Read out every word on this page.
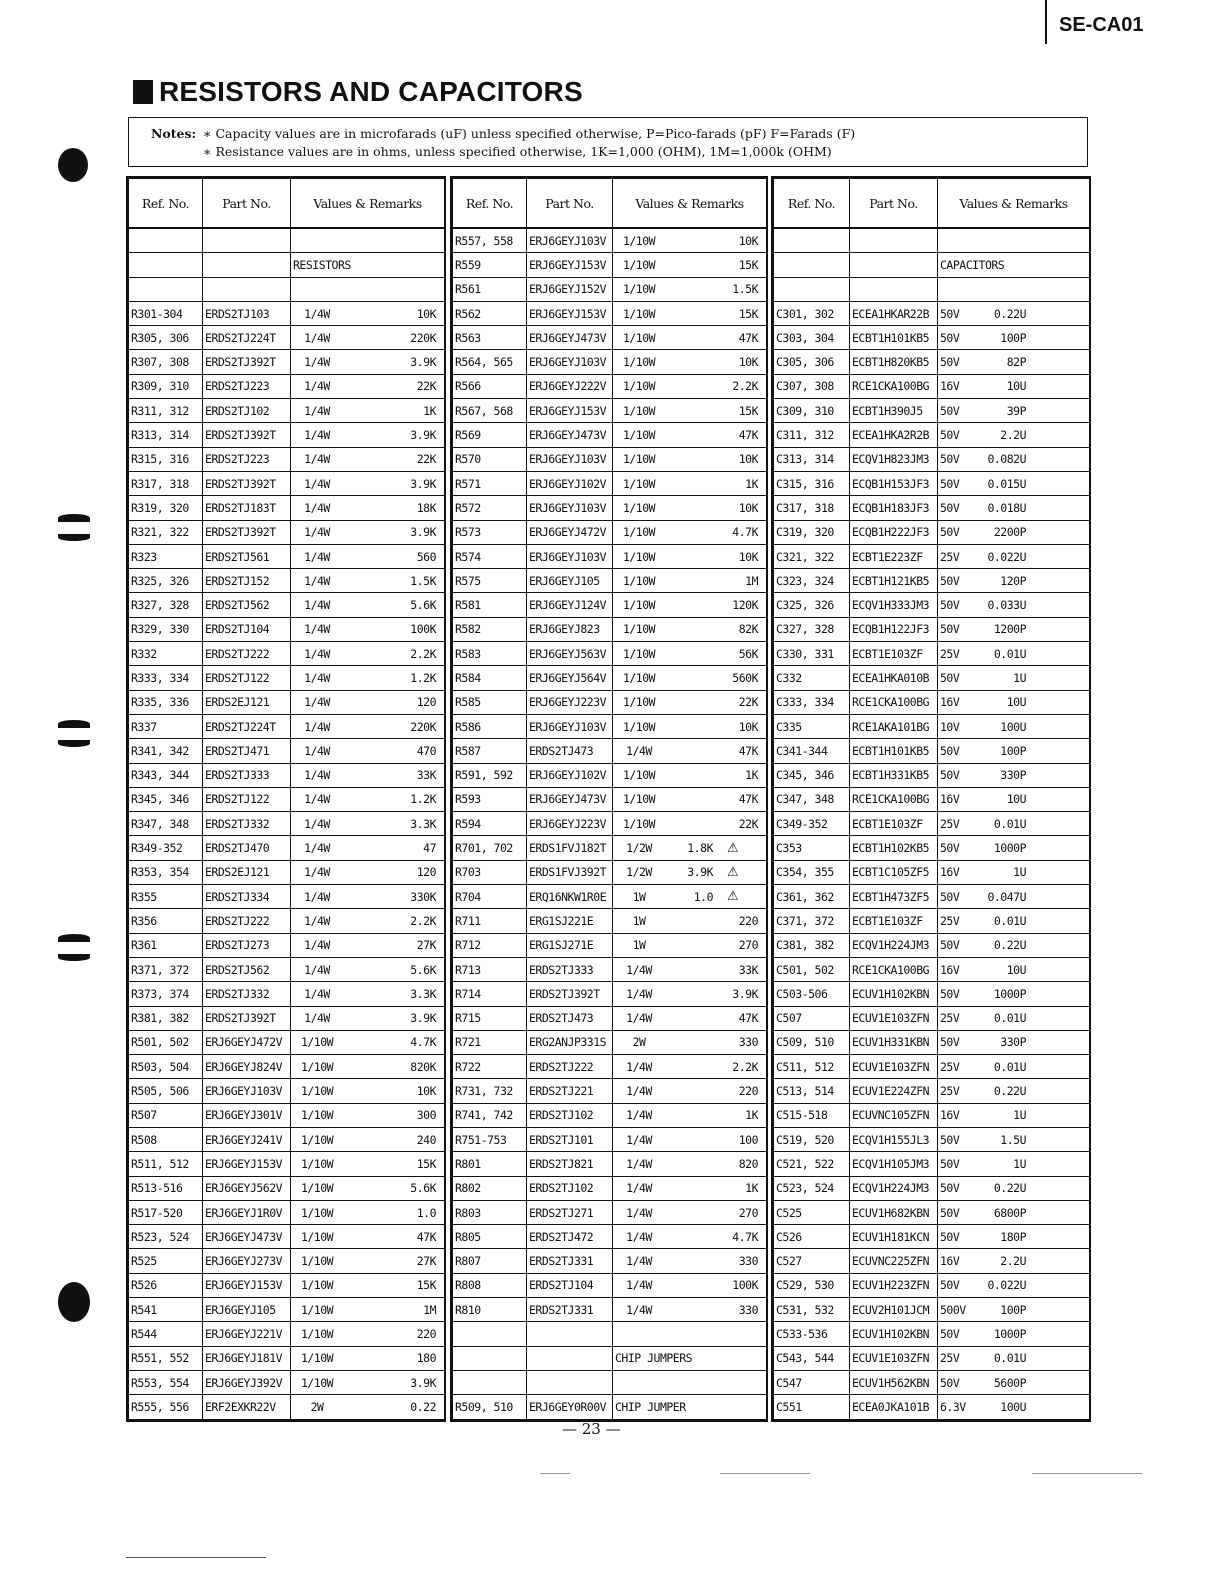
SE-CA01
RESISTORS AND CAPACITORS
Notes: ∗ Capacity values are in microfarads (uF) unless specified otherwise, P=Pico-farads (pF) F=Farads (F)
∗ Resistance values are in ohms, unless specified otherwise, 1K=1,000 (OHM), 1M=1,000k (OHM)
Ref. No.	Part No.	Values & Remarks

		RESISTORS

R301-304	ERDS2TJ103	1/4W 10K

R305, 306	ERDS2TJ224T	1/4W 220K

R307, 308	ERDS2TJ392T	1/4W 3.9K

R309, 310	ERDS2TJ223	1/4W 22K

R311, 312	ERDS2TJ102	1/4W 1K

R313, 314	ERDS2TJ392T	1/4W 3.9K

R315, 316	ERDS2TJ223	1/4W 22K

R317, 318	ERDS2TJ392T	1/4W 3.9K

R319, 320	ERDS2TJ183T	1/4W 18K

R321, 322	ERDS2TJ392T	1/4W 3.9K

R323	ERDS2TJ561	1/4W 560

R325, 326	ERDS2TJ152	1/4W 1.5K

R327, 328	ERDS2TJ562	1/4W 5.6K

R329, 330	ERDS2TJ104	1/4W 100K

R332	ERDS2TJ222	1/4W 2.2K

R333, 334	ERDS2TJ122	1/4W 1.2K

R335, 336	ERDS2EJ121	1/4W 120

R337	ERDS2TJ224T	1/4W 220K

R341, 342	ERDS2TJ471	1/4W 470

R343, 344	ERDS2TJ333	1/4W 33K

R345, 346	ERDS2TJ122	1/4W 1.2K

R347, 348	ERDS2TJ332	1/4W 3.3K

R349-352	ERDS2TJ470	1/4W 47

R353, 354	ERDS2EJ121	1/4W 120

R355	ERDS2TJ334	1/4W 330K

R356	ERDS2TJ222	1/4W 2.2K

R361	ERDS2TJ273	1/4W 27K

R371, 372	ERDS2TJ562	1/4W 5.6K

R373, 374	ERDS2TJ332	1/4W 3.3K

R381, 382	ERDS2TJ392T	1/4W 3.9K

R501, 502	ERJ6GEYJ472V	1/10W 4.7K

R503, 504	ERJ6GEYJ824V	1/10W 820K

R505, 506	ERJ6GEYJ103V	1/10W 10K

R507	ERJ6GEYJ301V	1/10W 300

R508	ERJ6GEYJ241V	1/10W 240

R511, 512	ERJ6GEYJ153V	1/10W 15K

R513-516	ERJ6GEYJ562V	1/10W 5.6K

R517-520	ERJ6GEYJ1R0V	1/10W 1.0

R523, 524	ERJ6GEYJ473V	1/10W 47K

R525	ERJ6GEYJ273V	1/10W 27K

R526	ERJ6GEYJ153V	1/10W 15K

R541	ERJ6GEYJ105	1/10W 1M

R544	ERJ6GEYJ221V	1/10W 220

R551, 552	ERJ6GEYJ181V	1/10W 180

R553, 554	ERJ6GEYJ392V	1/10W 3.9K

R555, 556	ERF2EXKR22V	2W 0.22
Ref. No.	Part No.	Values & Remarks
R557, 558	ERJ6GEYJ103V	1/10W 10K

R559	ERJ6GEYJ153V	1/10W 15K

R561	ERJ6GEYJ152V	1/10W 1.5K

R562	ERJ6GEYJ153V	1/10W 15K

R563	ERJ6GEYJ473V	1/10W 47K

R564, 565	ERJ6GEYJ103V	1/10W 10K

R566	ERJ6GEYJ222V	1/10W 2.2K

R567, 568	ERJ6GEYJ153V	1/10W 15K

R569	ERJ6GEYJ473V	1/10W 47K

R570	ERJ6GEYJ103V	1/10W 10K

R571	ERJ6GEYJ102V	1/10W 1K

R572	ERJ6GEYJ103V	1/10W 10K

R573	ERJ6GEYJ472V	1/10W 4.7K

R574	ERJ6GEYJ103V	1/10W 10K

R575	ERJ6GEYJ105	1/10W 1M

R581	ERJ6GEYJ124V	1/10W 120K

R582	ERJ6GEYJ823	1/10W 82K

R583	ERJ6GEYJ563V	1/10W 56K

R584	ERJ6GEYJ564V	1/10W 560K

R585	ERJ6GEYJ223V	1/10W 22K

R586	ERJ6GEYJ103V	1/10W 10K

R587	ERDS2TJ473	1/4W 47K

R591, 592	ERJ6GEYJ102V	1/10W 1K

R593	ERJ6GEYJ473V	1/10W 47K

R594	ERJ6GEYJ223V	1/10W 22K

R701, 702	ERDS1FVJ182T	1/2W 1.8K ⚠

R703	ERDS1FVJ392T	1/2W 3.9K ⚠

R704	ERQ16NKW1R0E	1W 1.0 ⚠

R711	ERG1SJ221E	1W 220

R712	ERG1SJ271E	1W 270

R713	ERDS2TJ333	1/4W 33K

R714	ERDS2TJ392T	1/4W 3.9K

R715	ERDS2TJ473	1/4W 47K

R721	ERG2ANJP331S	2W 330

R722	ERDS2TJ222	1/4W 2.2K

R731, 732	ERDS2TJ221	1/4W 220

R741, 742	ERDS2TJ102	1/4W 1K

R751-753	ERDS2TJ101	1/4W 100

R801	ERDS2TJ821	1/4W 820

R802	ERDS2TJ102	1/4W 1K

R803	ERDS2TJ271	1/4W 270

R805	ERDS2TJ472	1/4W 4.7K

R807	ERDS2TJ331	1/4W 330

R808	ERDS2TJ104	1/4W 100K

R810	ERDS2TJ331	1/4W 330

		CHIP JUMPERS

R509, 510	ERJ6GEY0R00V	CHIP JUMPER
Ref. No.	Part No.	Values & Remarks

		CAPACITORS

C301, 302	ECEA1HKAR22B	50V 0.22U

C303, 304	ECBT1H101KB5	50V 100P

C305, 306	ECBT1H820KB5	50V 82P

C307, 308	RCE1CKA100BG	16V 10U

C309, 310	ECBT1H390J5	50V 39P

C311, 312	ECEA1HKA2R2B	50V 2.2U

C313, 314	ECQV1H823JM3	50V 0.082U

C315, 316	ECQB1H153JF3	50V 0.015U

C317, 318	ECQB1H183JF3	50V 0.018U

C319, 320	ECQB1H222JF3	50V 2200P

C321, 322	ECBT1E223ZF	25V 0.022U

C323, 324	ECBT1H121KB5	50V 120P

C325, 326	ECQV1H333JM3	50V 0.033U

C327, 328	ECQB1H122JF3	50V 1200P

C330, 331	ECBT1E103ZF	25V 0.01U

C332	ECEA1HKA010B	50V 1U

C333, 334	RCE1CKA100BG	16V 10U

C335	RCE1AKA101BG	10V 100U

C341-344	ECBT1H101KB5	50V 100P

C345, 346	ECBT1H331KB5	50V 330P

C347, 348	RCE1CKA100BG	16V 10U

C349-352	ECBT1E103ZF	25V 0.01U

C353	ECBT1H102KB5	50V 1000P

C354, 355	ECBT1C105ZF5	16V 1U

C361, 362	ECBT1H473ZF5	50V 0.047U

C371, 372	ECBT1E103ZF	25V 0.01U

C381, 382	ECQV1H224JM3	50V 0.22U

C501, 502	RCE1CKA100BG	16V 10U

C503-506	ECUV1H102KBN	50V 1000P

C507	ECUV1E103ZFN	25V 0.01U

C509, 510	ECUV1H331KBN	50V 330P

C511, 512	ECUV1E103ZFN	25V 0.01U

C513, 514	ECUV1E224ZFN	25V 0.22U

C515-518	ECUVNC105ZFN	16V 1U

C519, 520	ECQV1H155JL3	50V 1.5U

C521, 522	ECQV1H105JM3	50V 1U

C523, 524	ECQV1H224JM3	50V 0.22U

C525	ECUV1H682KBN	50V 6800P

C526	ECUV1H181KCN	50V 180P

C527	ECUVNC225ZFN	16V 2.2U

C529, 530	ECUV1H223ZFN	50V 0.022U

C531, 532	ECUV2H101JCM	500V 100P

C533-536	ECUV1H102KBN	50V 1000P

C543, 544	ECUV1E103ZFN	25V 0.01U

C547	ECUV1H562KBN	50V 5600P

C551	ECEA0JKA101B	6.3V 100U
— 23 —
